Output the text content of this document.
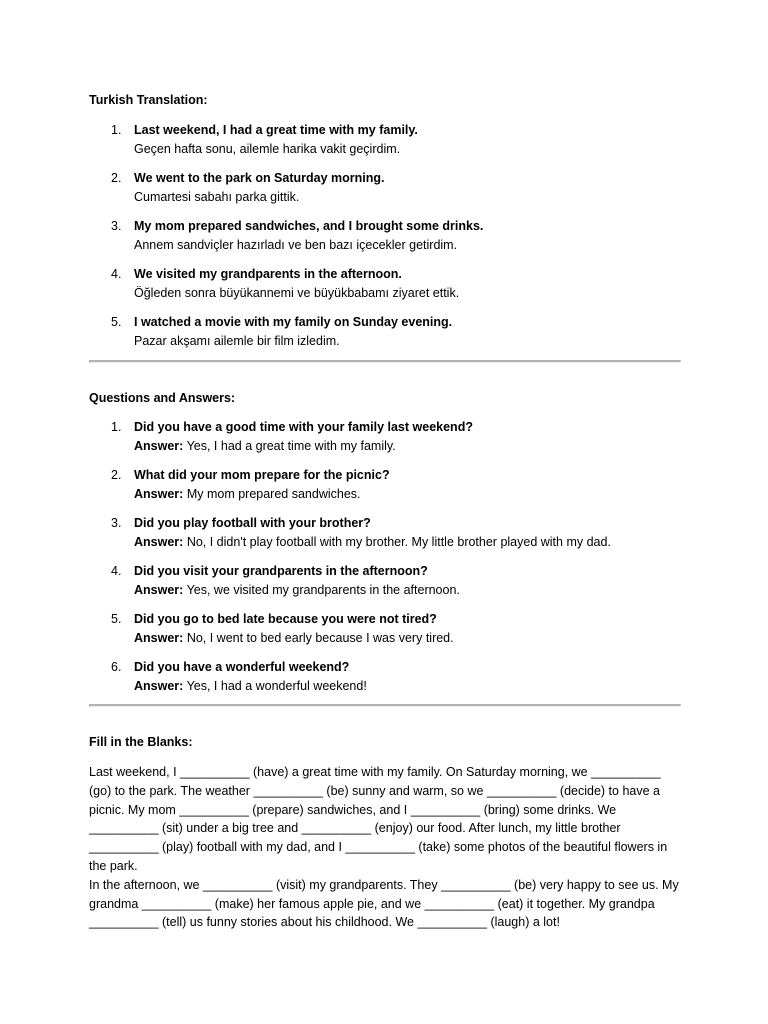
Turkish Translation:

1. Last weekend, I had a great time with my family.
Geçen hafta sonu, ailemle harika vakit geçirdim.
2. We went to the park on Saturday morning.
Cumartesi sabahı parka gittik.
3. My mom prepared sandwiches, and I brought some drinks.
Annem sandviçler hazırladı ve ben bazı içecekler getirdim.
4. We visited my grandparents in the afternoon.
Öğleden sonra büyükannemi ve büyükbabamı ziyaret ettik.
5. I watched a movie with my family on Sunday evening.
Pazar akşamı ailemle bir film izledim.

Questions and Answers:

1. Did you have a good time with your family last weekend?
Answer: Yes, I had a great time with my family.
2. What did your mom prepare for the picnic?
Answer: My mom prepared sandwiches.
3. Did you play football with your brother?
Answer: No, I didn't play football with my brother. My little brother played with my dad.
4. Did you visit your grandparents in the afternoon?
Answer: Yes, we visited my grandparents in the afternoon.
5. Did you go to bed late because you were not tired?
Answer: No, I went to bed early because I was very tired.
6. Did you have a wonderful weekend?
Answer: Yes, I had a wonderful weekend!

Fill in the Blanks:

Last weekend, I __________ (have) a great time with my family. On Saturday morning, we __________ (go) to the park. The weather __________ (be) sunny and warm, so we __________ (decide) to have a picnic. My mom __________ (prepare) sandwiches, and I __________ (bring) some drinks. We __________ (sit) under a big tree and __________ (enjoy) our food. After lunch, my little brother __________ (play) football with my dad, and I __________ (take) some photos of the beautiful flowers in the park.

In the afternoon, we __________ (visit) my grandparents. They __________ (be) very happy to see us. My grandma __________ (make) her famous apple pie, and we __________ (eat) it together. My grandpa __________ (tell) us funny stories about his childhood. We __________ (laugh) a lot!
